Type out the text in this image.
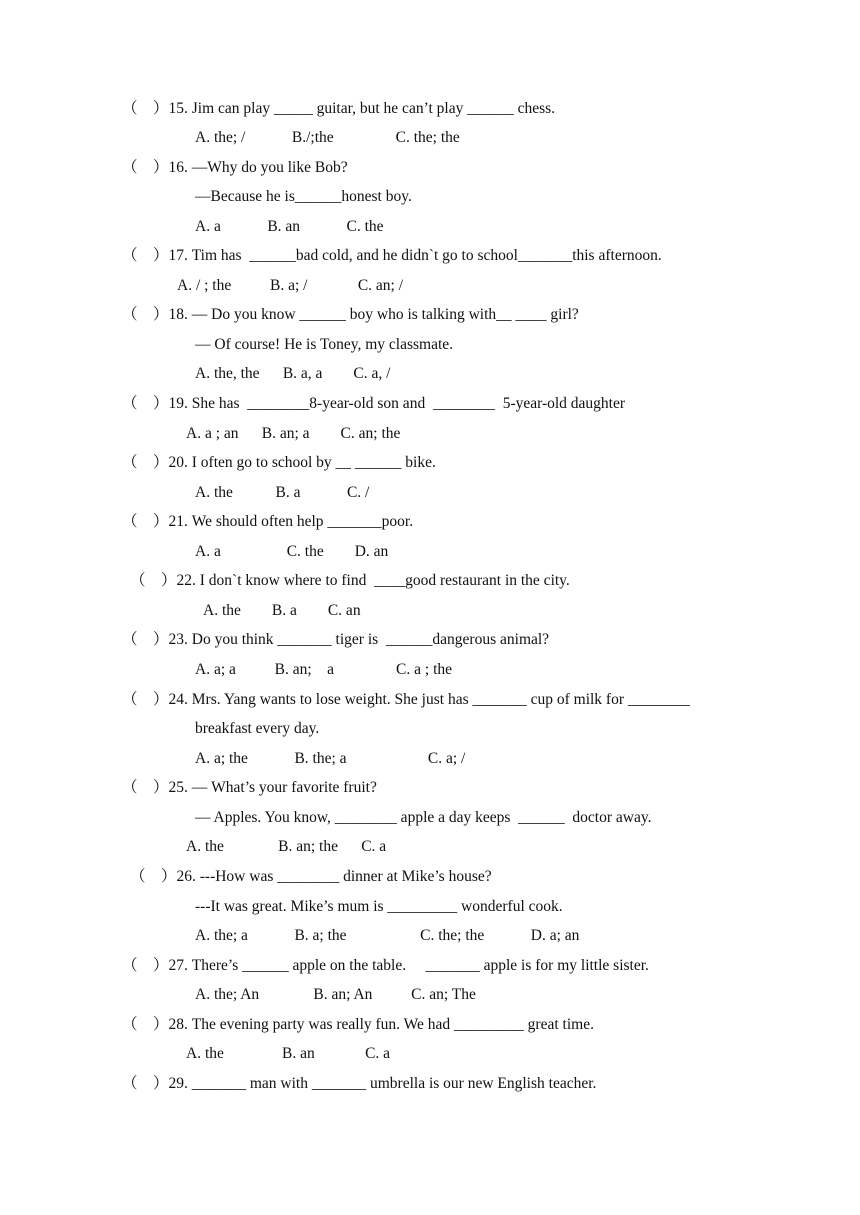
（　）15. Jim can play _____ guitar, but he can’t play ______ chess.
A. the; /            B./;the                C. the; the
（　）16. —Why do you like Bob?
—Because he is______honest boy.
A. a            B. an            C. the
（　）17. Tim has  ______bad cold, and he didn`t go to school_______this afternoon.
A. / ; the          B. a; /             C. an; /
（　）18. — Do you know ______ boy who is talking with__ ____ girl?
— Of course! He is Toney, my classmate.
A. the, the      B. a, a        C. a, /
（　）19. She has  ________8-year-old son and  ________  5-year-old daughter
A. a ; an      B. an; a        C. an; the
（　）20. I often go to school by __ ______ bike.
A. the           B. a            C. /
（　）21. We should often help _______poor.
A. a                 C. the        D. an
（　）22. I don`t know where to find  ____good restaurant in the city.
A. the        B. a        C. an
（　）23. Do you think _______ tiger is  ______dangerous animal?
A. a; a          B. an;    a                C. a ; the
（　）24. Mrs. Yang wants to lose weight. She just has _______ cup of milk for ________
breakfast every day.
A. a; the            B. the; a                     C. a; /
（　）25. — What’s your favorite fruit?
— Apples. You know, ________ apple a day keeps  ______  doctor away.
A. the              B. an; the      C. a
（　）26. ---How was ________ dinner at Mike’s house?
---It was great. Mike’s mum is _________ wonderful cook.
A. the; a            B. a; the                   C. the; the            D. a; an
（　）27. There’s ______ apple on the table.     _______ apple is for my little sister.
A. the; An              B. an; An          C. an; The
（　）28. The evening party was really fun. We had _________ great time.
A. the               B. an             C. a
（　）29. _______ man with _______ umbrella is our new English teacher.
